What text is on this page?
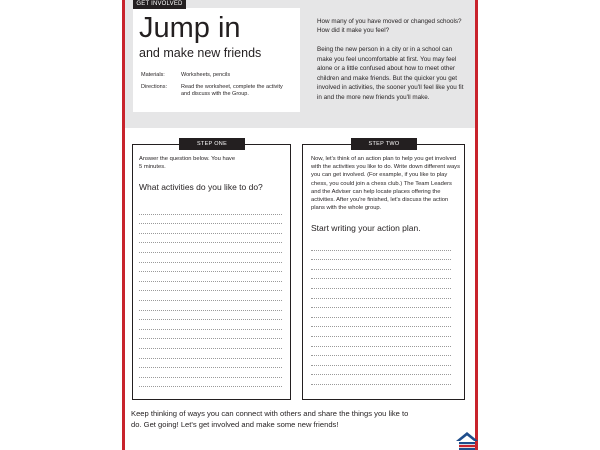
GET INVOLVED
Jump in
and make new friends
Materials:	Worksheets, pencils
Directions:	Read the worksheet, complete the activity and discuss with the Group.
How many of you have moved or changed schools? How did it make you feel?
Being the new person in a city or in a school can make you feel uncomfortable at first. You may feel alone or a little confused about how to meet other children and make friends. But the quicker you get involved in activities, the sooner you'll feel like you fit in and the more new friends you'll make.
STEP ONE
Answer the question below. You have 5 minutes.
What activities do you like to do?
STEP TWO
Now, let's think of an action plan to help you get involved with the activities you like to do. Write down different ways you can get involved. (For example, if you like to play chess, you could join a chess club.) The Team Leaders and the Adviser can help locate places offering the activities. After you're finished, let's discuss the action plans with the whole group.
Start writing your action plan.
Keep thinking of ways you can connect with others and share the things you like to do. Get going! Let's get involved and make some new friends!
